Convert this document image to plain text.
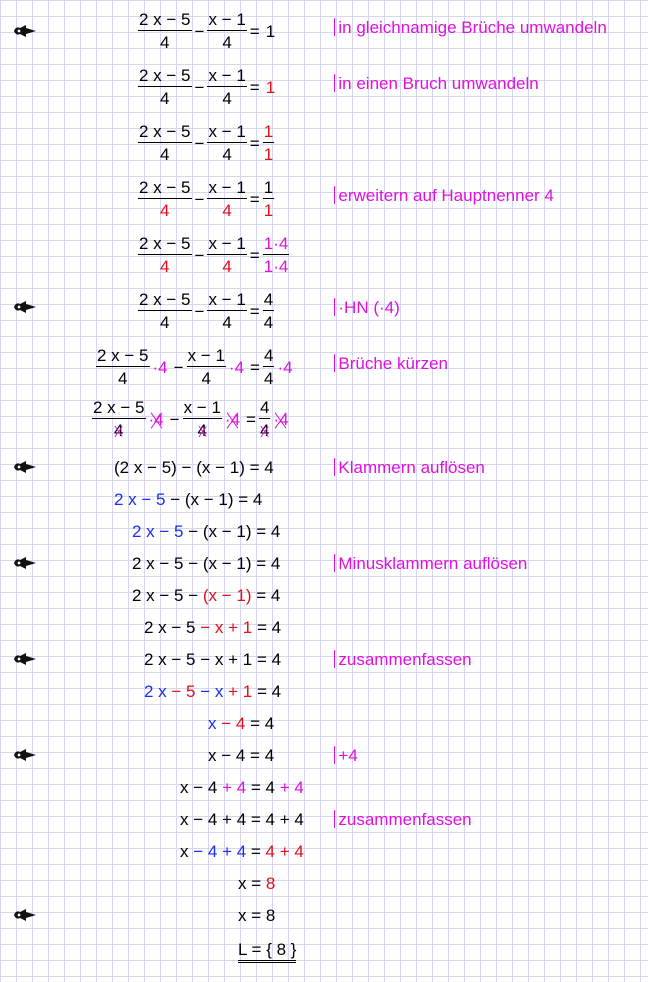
$\frac{2 x - 5}{4} - \frac{x - 1}{4} = 1$
$\frac{2 x - 5}{4} - \frac{x - 1}{4} = 1$
$\frac{2 x - 5}{4} - \frac{x - 1}{4} = \frac{1}{1}$
$\frac{2 x - 5}{4} - \frac{x - 1}{4} = \frac{1}{1}$
$\frac{2 x - 5}{4} - \frac{x - 1}{4} = \frac{1\cdot 4}{1\cdot 4}$
$\frac{2 x - 5}{4} - \frac{x - 1}{4} = \frac{4}{4}$
$\frac{2 x - 5}{4} \cdot 4 - \frac{x - 1}{4} \cdot 4 = \frac{4}{4} \cdot 4$
$\frac{2 x - 5}{4} \cdot 4 - \frac{x - 1}{4} \cdot 4 = \frac{4}{4} \cdot 4$
(2 x − 5) − (x − 1) = 4
2 x − 5 − (x − 1) = 4
2 x − 5 − (x − 1) = 4
2 x − 5 − (x − 1) = 4
2 x − 5 − (x − 1) = 4
2 x − 5 − x + 1 = 4
2 x − 5 − x + 1 = 4
2 x − 5 − x + 1 = 4
x − 4 = 4
x − 4 = 4
x − 4 + 4 = 4 + 4
x − 4 + 4 = 4 + 4
x − 4 + 4 = 4 + 4
x = 8
x = 8
L = { 8 }
in gleichnamige Brüche umwandeln
in einen Bruch umwandeln
erweitern auf Hauptnenner 4
·HN (·4)
Brüche kürzen
Klammern auflösen
Minusklammern auflösen
zusammenfassen
+4
zusammenfassen
